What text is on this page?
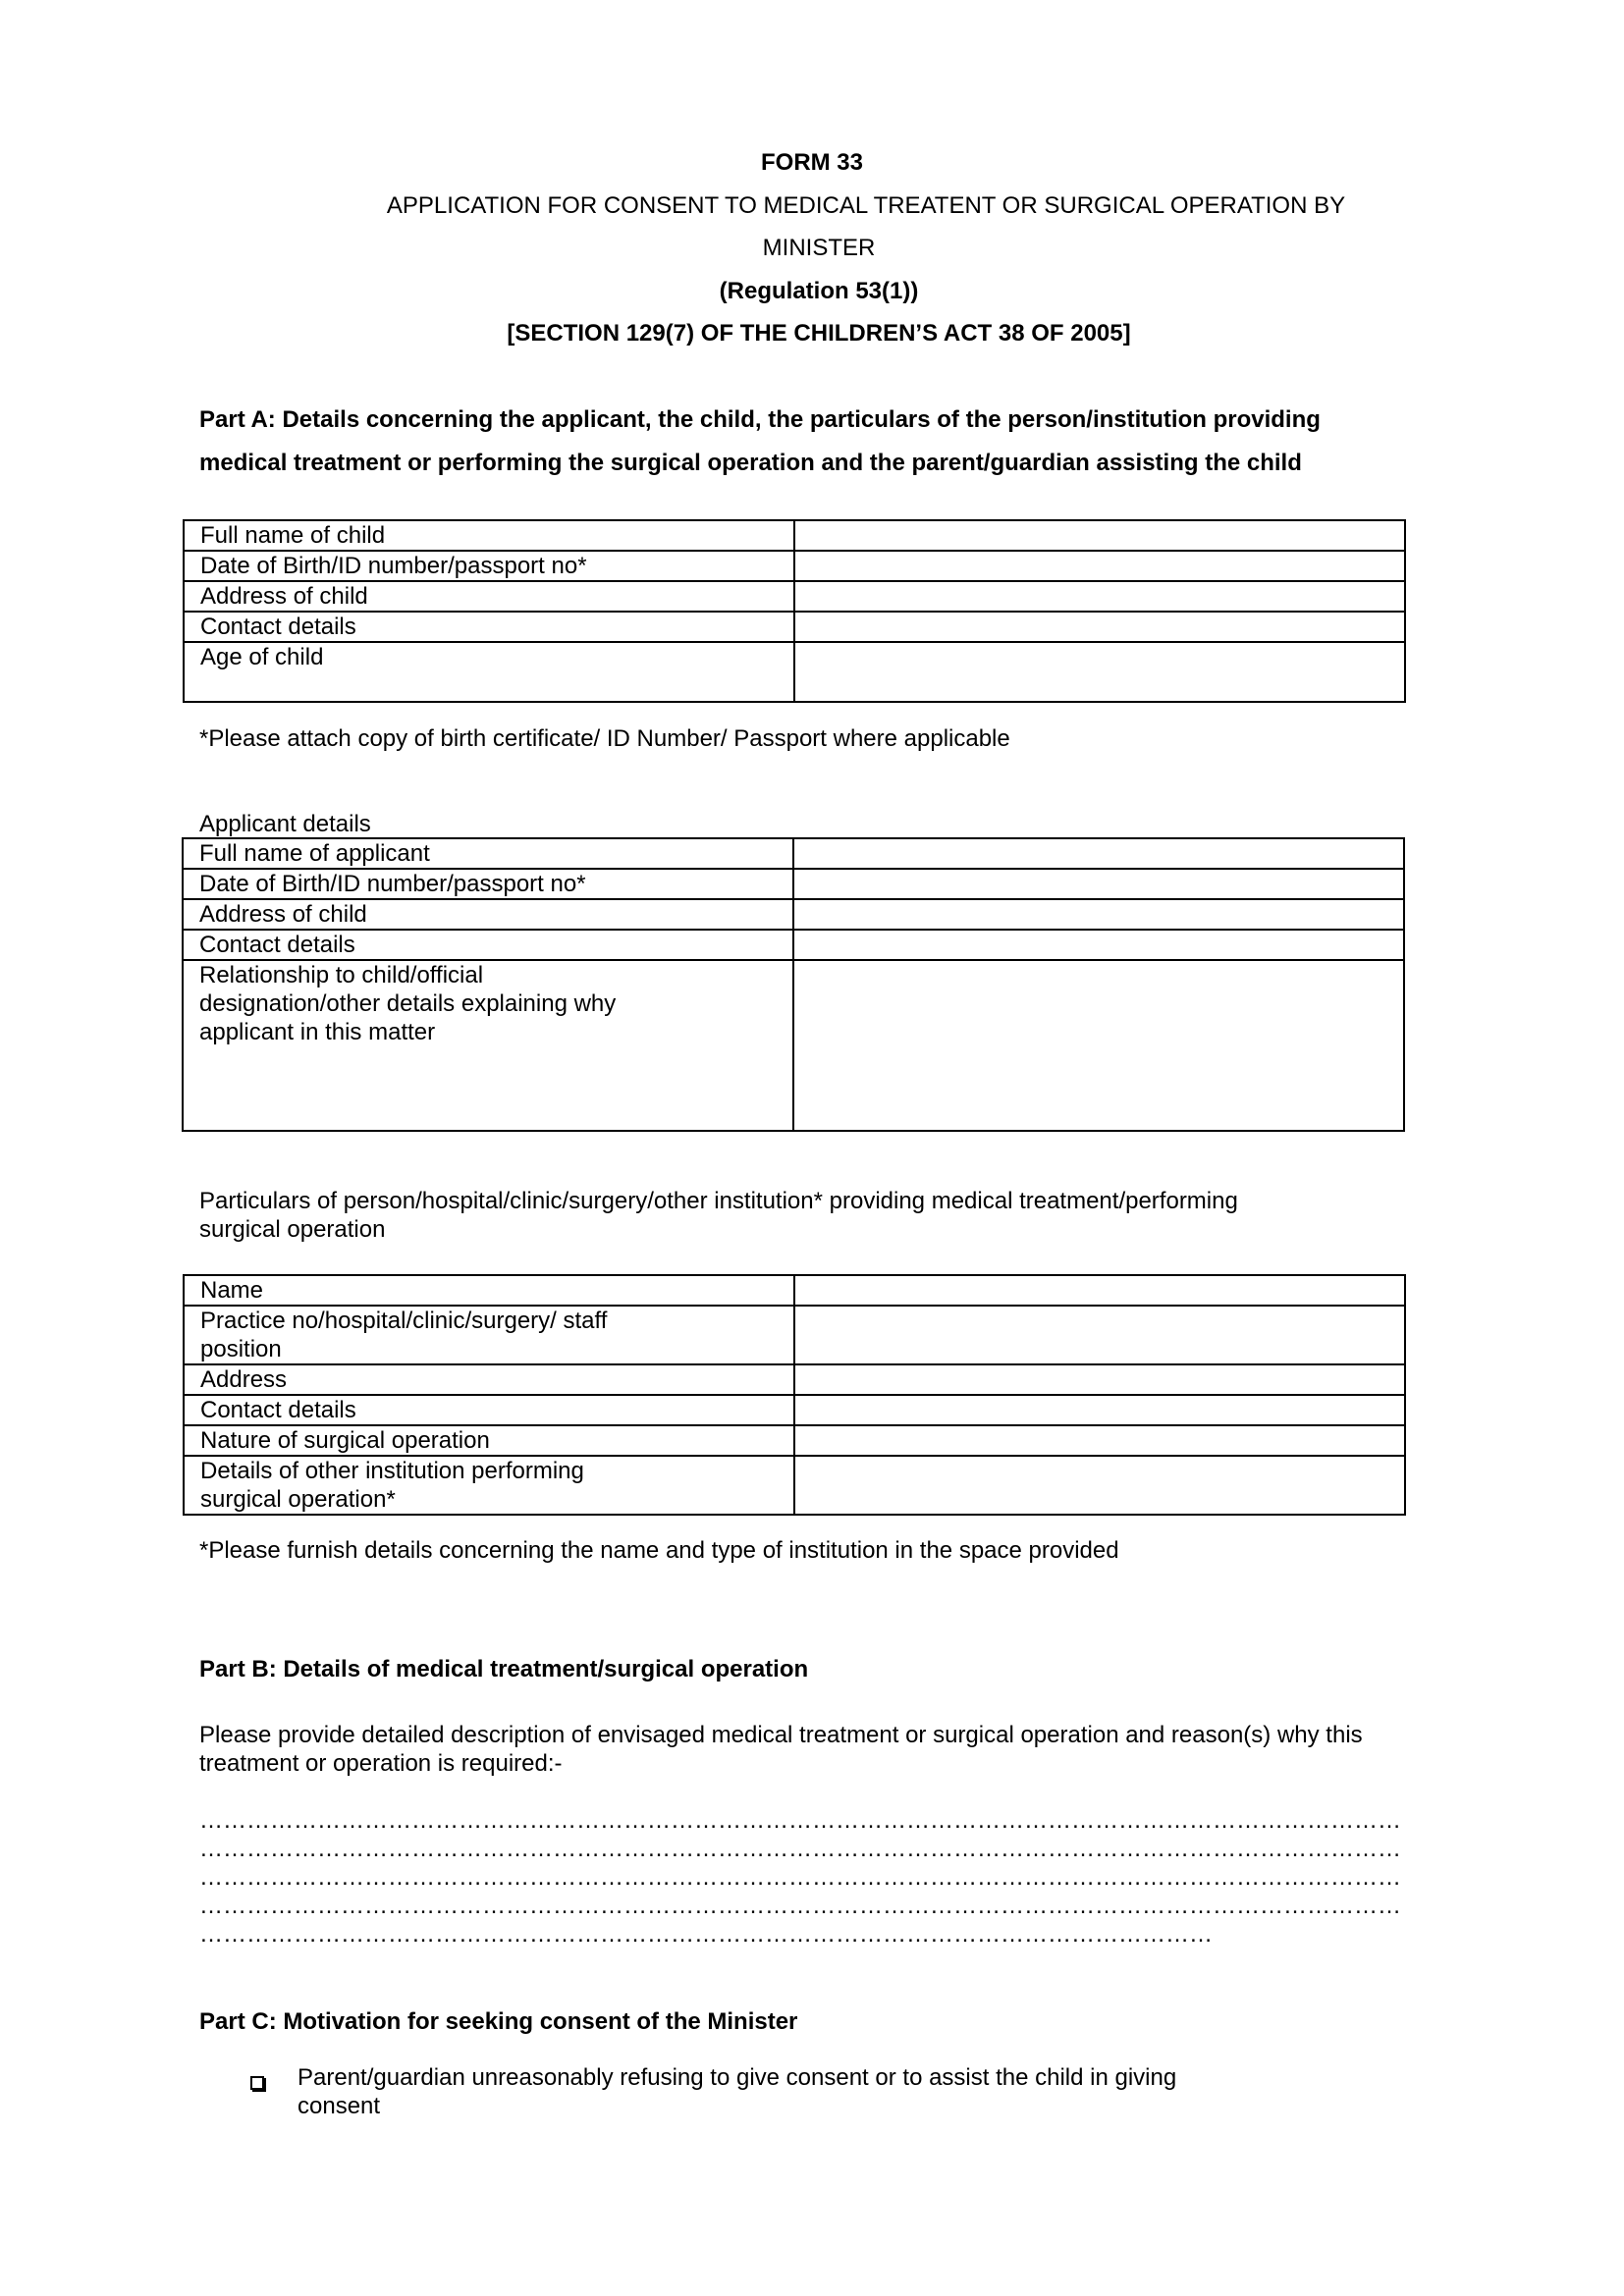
FORM 33
APPLICATION FOR CONSENT TO MEDICAL TREATENT OR SURGICAL OPERATION BY
MINISTER
(Regulation 53(1))
[SECTION 129(7) OF THE CHILDREN’S ACT 38 OF 2005]
Part A: Details concerning the applicant, the child, the particulars of the person/institution providing
medical treatment or performing the surgical operation and the parent/guardian assisting the child
Full name of child	
Date of Birth/ID number/passport no*	
Address of child	
Contact details	
Age of child	
*Please attach copy of birth certificate/ ID Number/ Passport where applicable
Applicant details
Full name of applicant	
Date of Birth/ID number/passport no*	
Address of child	
Contact details	

Relationship to child/official
designation/other details explaining why
applicant in this matter	

Particulars of person/hospital/clinic/surgery/other institution* providing medical treatment/performing
surgical operation
Name	

Practice no/hospital/clinic/surgery/ staff
position	

Address	
Contact details	
Nature of surgical operation	

Details of other institution performing
surgical operation*	

*Please furnish details concerning the name and type of institution in the space provided
Part B: Details of medical treatment/surgical operation
Please provide detailed description of envisaged medical treatment or surgical operation and reason(s) why this
treatment or operation is required:-
………………………………………………………………………………………………………………………………………
………………………………………………………………………………………………………………………………………
………………………………………………………………………………………………………………………………………
………………………………………………………………………………………………………………………………………
…………………………………………………………………………………………………………………
Part C: Motivation for seeking consent of the Minister
Parent/guardian unreasonably refusing to give consent or to assist the child in giving
consent
